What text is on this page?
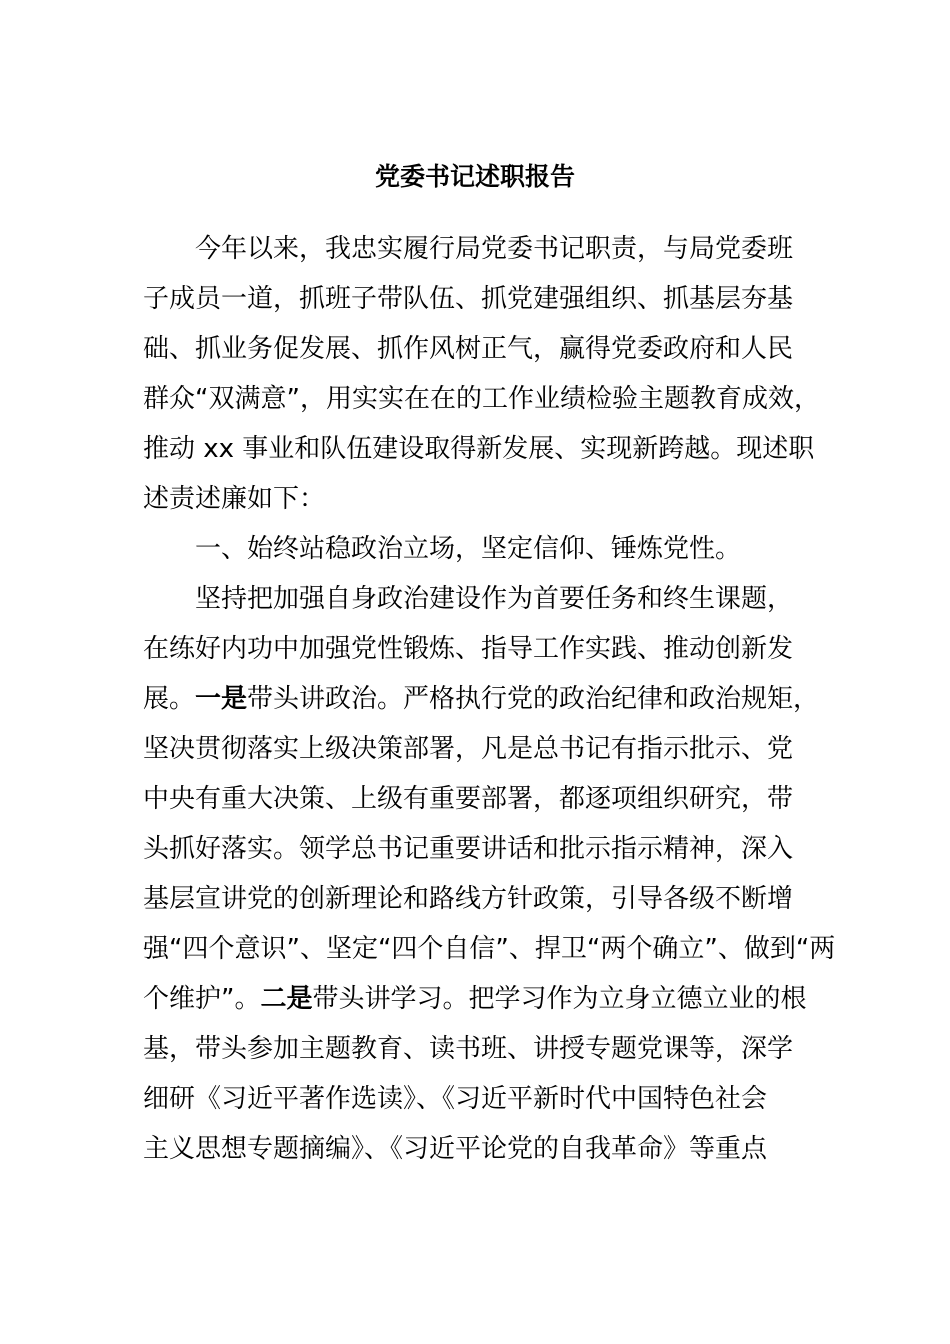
党委书记述职报告

今年以来，我忠实履行局党委书记职责，与局党委班

子成员一道，抓班子带队伍、抓党建强组织、抓基层夯基

础、抓业务促发展、抓作风树正气，赢得党委政府和人民

群众“双满意”，用实实在在的工作业绩检验主题教育成效，

推动 xx 事业和队伍建设取得新发展、实现新跨越。现述职

述责述廉如下：

一、始终站稳政治立场，坚定信仰、锤炼党性。

坚持把加强自身政治建设作为首要任务和终生课题，

在练好内功中加强党性锻炼、指导工作实践、推动创新发

展。一是带头讲政治。严格执行党的政治纪律和政治规矩，

坚决贯彻落实上级决策部署，凡是总书记有指示批示、党

中央有重大决策、上级有重要部署，都逐项组织研究，带

头抓好落实。领学总书记重要讲话和批示指示精神，深入

基层宣讲党的创新理论和路线方针政策，引导各级不断增

强“四个意识”、坚定“四个自信”、捍卫“两个确立”、做到“两

个维护”。二是带头讲学习。把学习作为立身立德立业的根

基，带头参加主题教育、读书班、讲授专题党课等，深学

细研《习近平著作选读》、《习近平新时代中国特色社会

主义思想专题摘编》、《习近平论党的自我革命》等重点
